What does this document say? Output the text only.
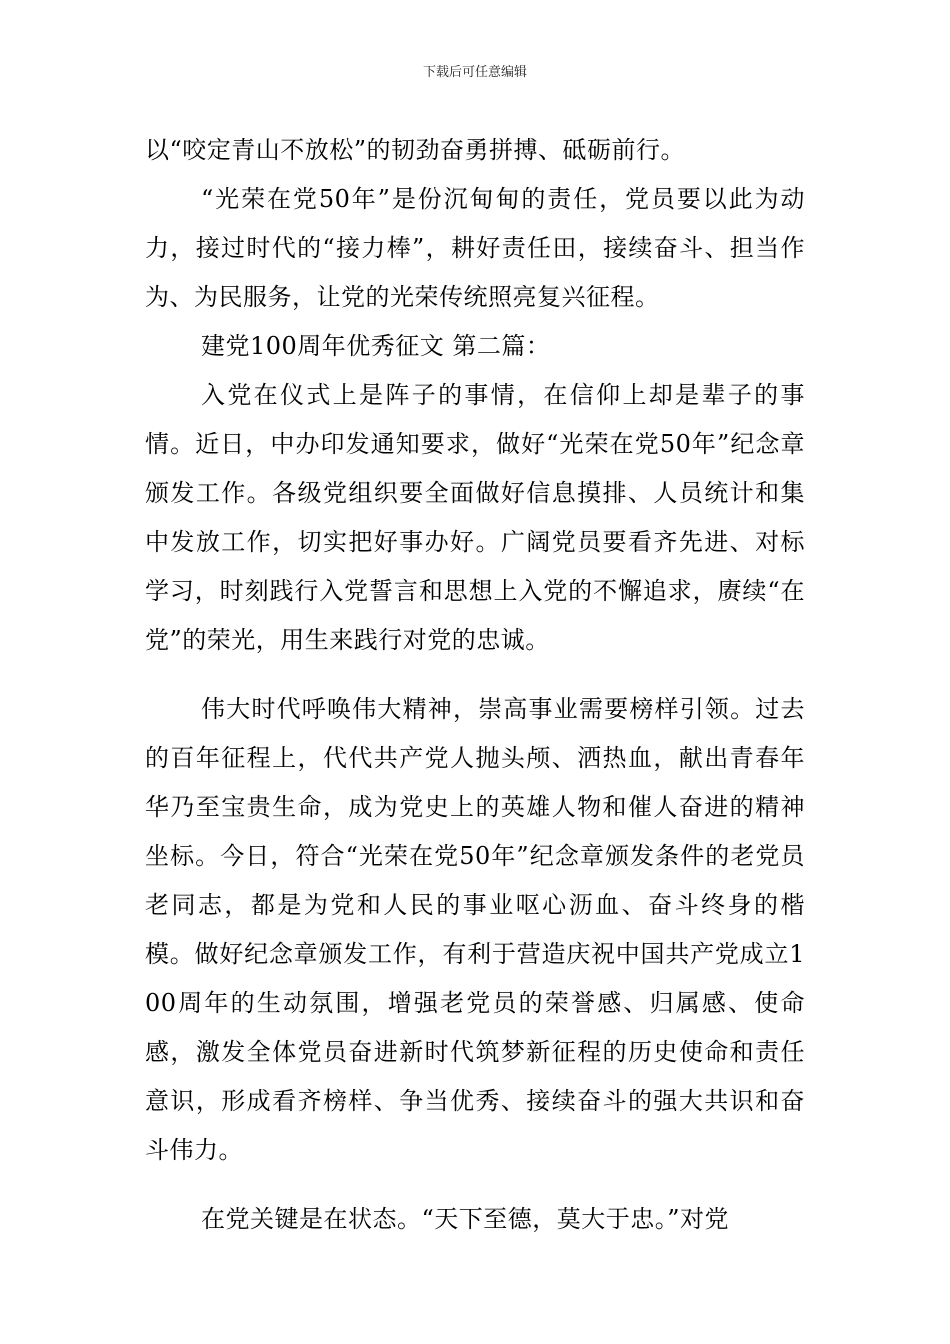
下载后可任意编辑

以“咬定青山不放松”的韧劲奋勇拼搏、砥砺前行。

“光荣在党50年”是份沉甸甸的责任，党员要以此为动力，接过时代的“接力棒”，耕好责任田，接续奋斗、担当作为、为民服务，让党的光荣传统照亮复兴征程。

建党100周年优秀征文 第二篇：

入党在仪式上是阵子的事情，在信仰上却是辈子的事情。近日，中办印发通知要求，做好“光荣在党50年”纪念章颁发工作。各级党组织要全面做好信息摸排、人员统计和集中发放工作，切实把好事办好。广阔党员要看齐先进、对标学习，时刻践行入党誓言和思想上入党的不懈追求，赓续“在党”的荣光，用生来践行对党的忠诚。

伟大时代呼唤伟大精神，崇高事业需要榜样引领。过去的百年征程上，代代共产党人抛头颅、洒热血，献出青春年华乃至宝贵生命，成为党史上的英雄人物和催人奋进的精神坐标。今日，符合“光荣在党50年”纪念章颁发条件的老党员老同志，都是为党和人民的事业呕心沥血、奋斗终身的楷模。做好纪念章颁发工作，有利于营造庆祝中国共产党成立100周年的生动氛围，增强老党员的荣誉感、归属感、使命感，激发全体党员奋进新时代筑梦新征程的历史使命和责任意识，形成看齐榜样、争当优秀、接续奋斗的强大共识和奋斗伟力。

在党关键是在状态。“天下至德，莫大于忠。”对党
